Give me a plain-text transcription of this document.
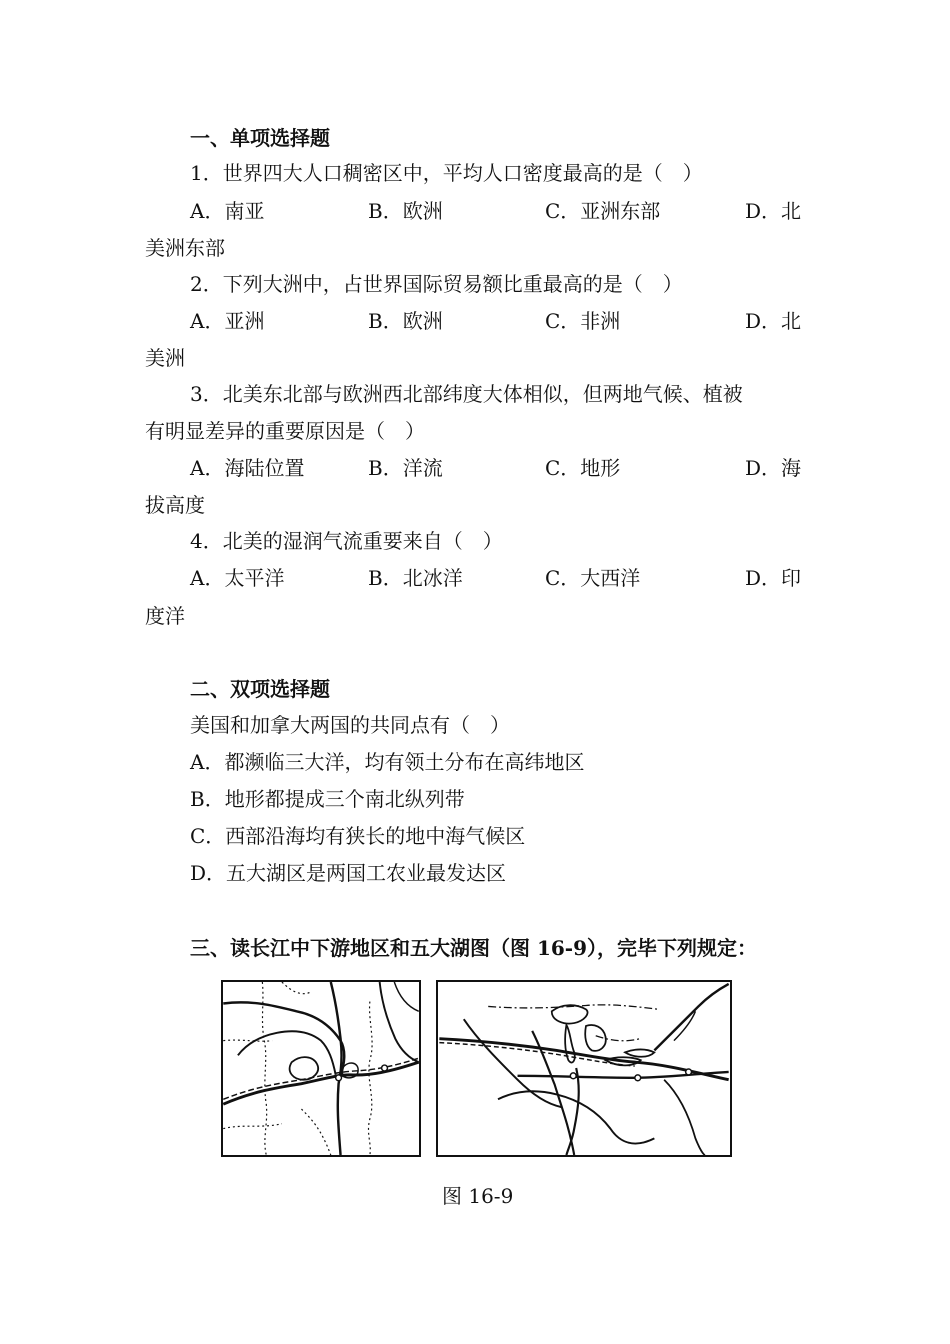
一、单项选择题
1．世界四大人口稠密区中，平均人口密度最高的是（　）
A．南亚	B．欧洲	C．亚洲东部	D．北
美洲东部
2．下列大洲中，占世界国际贸易额比重最高的是（　）
A．亚洲	B．欧洲	C．非洲	D．北
美洲
3．北美东北部与欧洲西北部纬度大体相似，但两地气候、植被
有明显差异的重要原因是（　）
A．海陆位置	B．洋流	C．地形	D．海
拔高度
4．北美的湿润气流重要来自（　）
A．太平洋	B．北冰洋	C．大西洋	D．印
度洋
二、双项选择题
美国和加拿大两国的共同点有（　）
A．都濒临三大洋，均有领土分布在高纬地区
B．地形都提成三个南北纵列带
C．西部沿海均有狭长的地中海气候区
D．五大湖区是两国工农业最发达区
三、读长江中下游地区和五大湖图（图 16-9），完毕下列规定：
图 16-9
